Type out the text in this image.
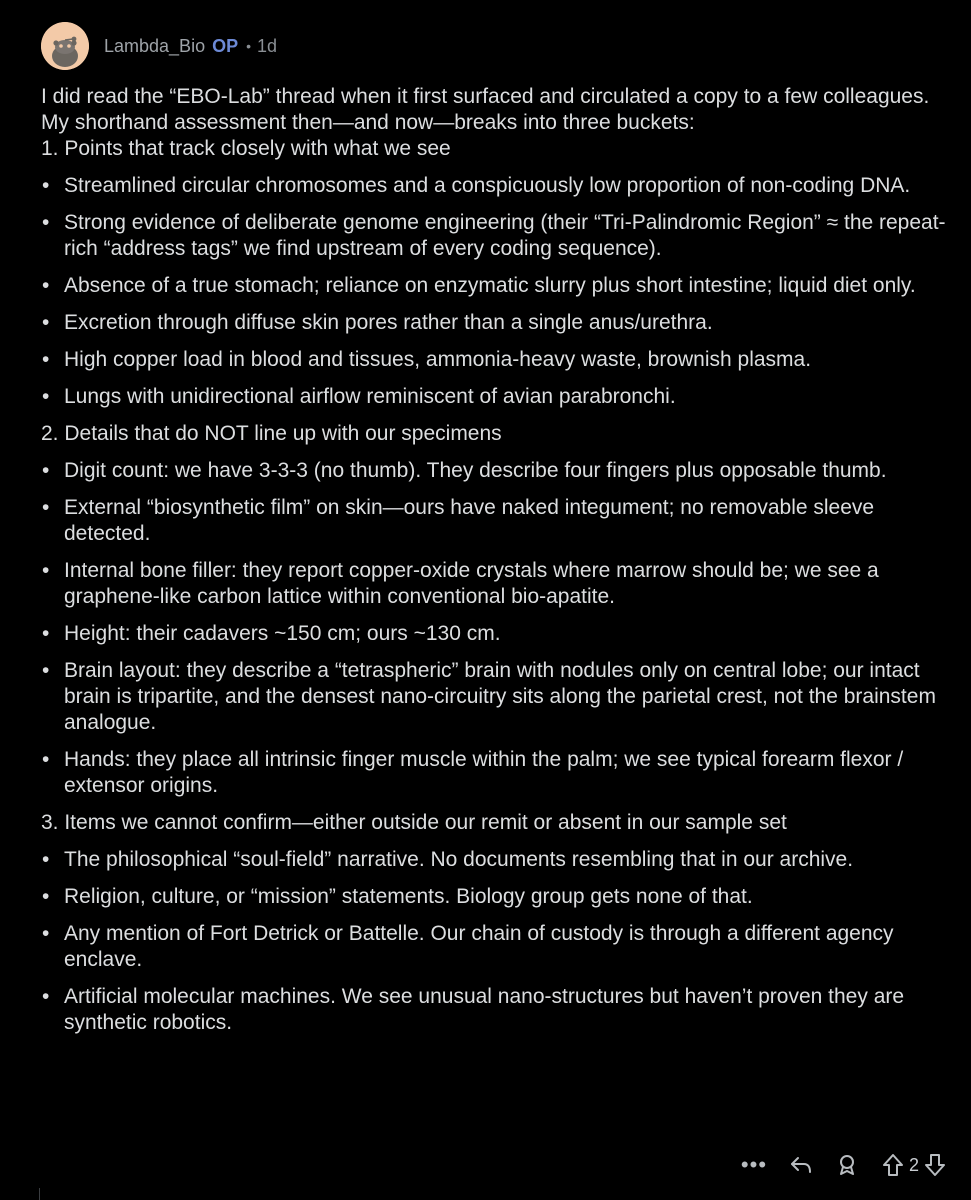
Lambda_Bio OP • 1d

I did read the “EBO-Lab” thread when it first surfaced and circulated a copy to a few colleagues. My shorthand assessment then—and now—breaks into three buckets:

1. Points that track closely with what we see

• Streamlined circular chromosomes and a conspicuously low proportion of non-coding DNA.
• Strong evidence of deliberate genome engineering (their “Tri-Palindromic Region” ≈ the repeat-rich “address tags” we find upstream of every coding sequence).
• Absence of a true stomach; reliance on enzymatic slurry plus short intestine; liquid diet only.
• Excretion through diffuse skin pores rather than a single anus/urethra.
• High copper load in blood and tissues, ammonia-heavy waste, brownish plasma.
• Lungs with unidirectional airflow reminiscent of avian parabronchi.

2. Details that do NOT line up with our specimens

• Digit count: we have 3-3-3 (no thumb). They describe four fingers plus opposable thumb.
• External “biosynthetic film” on skin—ours have naked integument; no removable sleeve detected.
• Internal bone filler: they report copper-oxide crystals where marrow should be; we see a graphene-like carbon lattice within conventional bio-apatite.
• Height: their cadavers ~150 cm; ours ~130 cm.
• Brain layout: they describe a “tetraspheric” brain with nodules only on central lobe; our intact brain is tripartite, and the densest nano-circuitry sits along the parietal crest, not the brainstem analogue.
• Hands: they place all intrinsic finger muscle within the palm; we see typical forearm flexor / extensor origins.

3. Items we cannot confirm—either outside our remit or absent in our sample set

• The philosophical “soul-field” narrative. No documents resembling that in our archive.
• Religion, culture, or “mission” statements. Biology group gets none of that.
• Any mention of Fort Detrick or Battelle. Our chain of custody is through a different agency enclave.
• Artificial molecular machines. We see unusual nano-structures but haven’t proven they are synthetic robotics.
•••	2
